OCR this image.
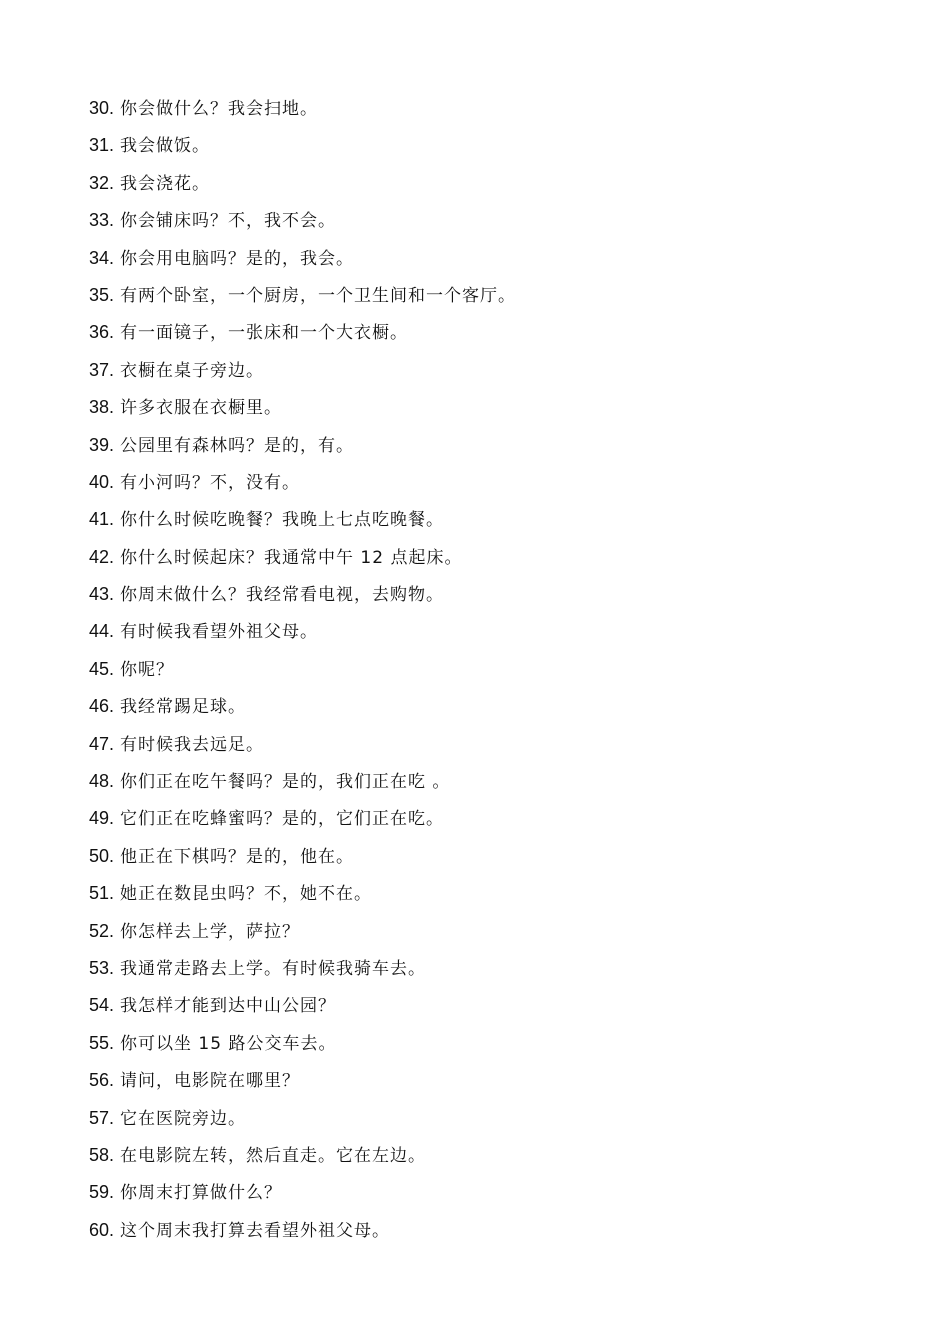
30. 你会做什么？我会扫地。
31. 我会做饭。
32. 我会浇花。
33. 你会铺床吗？不，我不会。
34. 你会用电脑吗？是的，我会。
35. 有两个卧室，一个厨房，一个卫生间和一个客厅。
36. 有一面镜子，一张床和一个大衣橱。
37. 衣橱在桌子旁边。
38. 许多衣服在衣橱里。
39. 公园里有森林吗？是的，有。
40. 有小河吗？不，没有。
41. 你什么时候吃晚餐？我晚上七点吃晚餐。
42. 你什么时候起床？我通常中午 12 点起床。
43. 你周末做什么？我经常看电视，去购物。
44. 有时候我看望外祖父母。
45. 你呢？
46. 我经常踢足球。
47. 有时候我去远足。
48. 你们正在吃午餐吗？是的，我们正在吃 。
49. 它们正在吃蜂蜜吗？是的，它们正在吃。
50. 他正在下棋吗？是的，他在。
51. 她正在数昆虫吗？不，她不在。
52. 你怎样去上学，萨拉？
53. 我通常走路去上学。有时候我骑车去。
54. 我怎样才能到达中山公园？
55. 你可以坐 15 路公交车去。
56. 请问，电影院在哪里？
57. 它在医院旁边。
58. 在电影院左转，然后直走。它在左边。
59. 你周末打算做什么？
60. 这个周末我打算去看望外祖父母。
